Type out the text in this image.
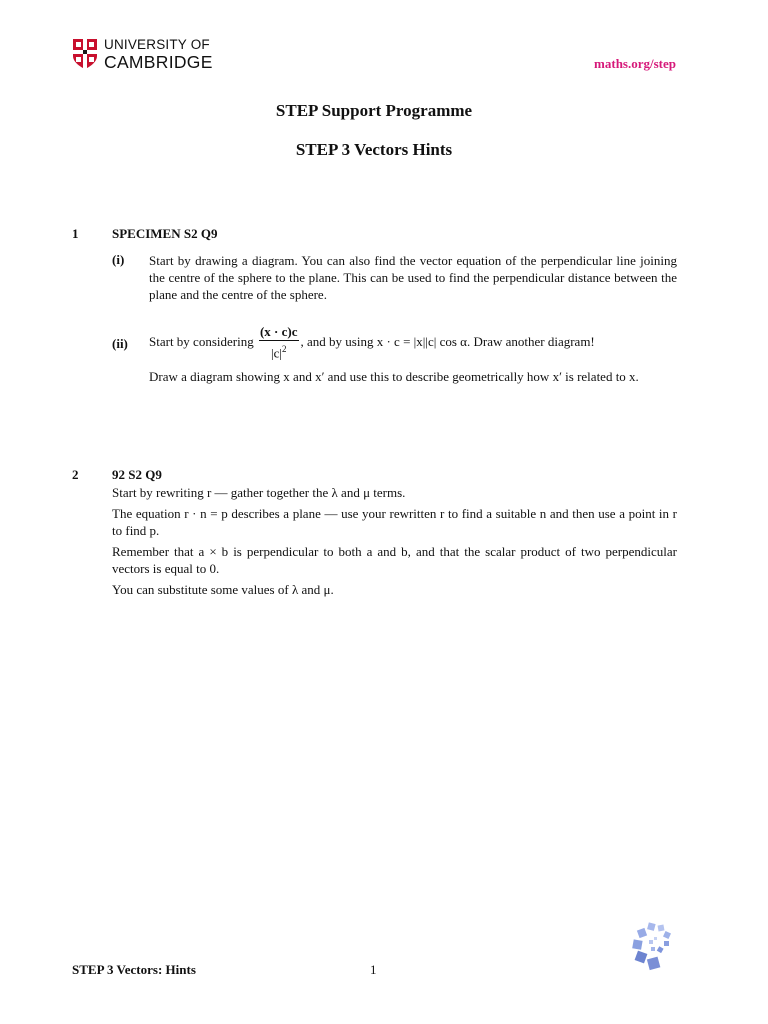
UNIVERSITY OF
CAMBRIDGE	maths.org/step
STEP Support Programme
STEP 3 Vectors Hints
1	SPECIMEN S2 Q9
(i) Start by drawing a diagram. You can also find the vector equation of the perpendicular line joining the centre of the sphere to the plane. This can be used to find the perpendicular distance between the plane and the centre of the sphere.
(ii) Start by considering $\frac{(x \cdot c)c}{|c|^2}$ , and by using x · c = |x||c| cos α. Draw another diagram!
Draw a diagram showing x and x′ and use this to describe geometrically how x′ is related to x.
2	92 S2 Q9
Start by rewriting r — gather together the λ and μ terms.
The equation r · n = p describes a plane — use your rewritten r to find a suitable n and then use a point in r to find p.
Remember that a × b is perpendicular to both a and b, and that the scalar product of two perpendicular vectors is equal to 0.
You can substitute some values of λ and μ.
STEP 3 Vectors: Hints	1
